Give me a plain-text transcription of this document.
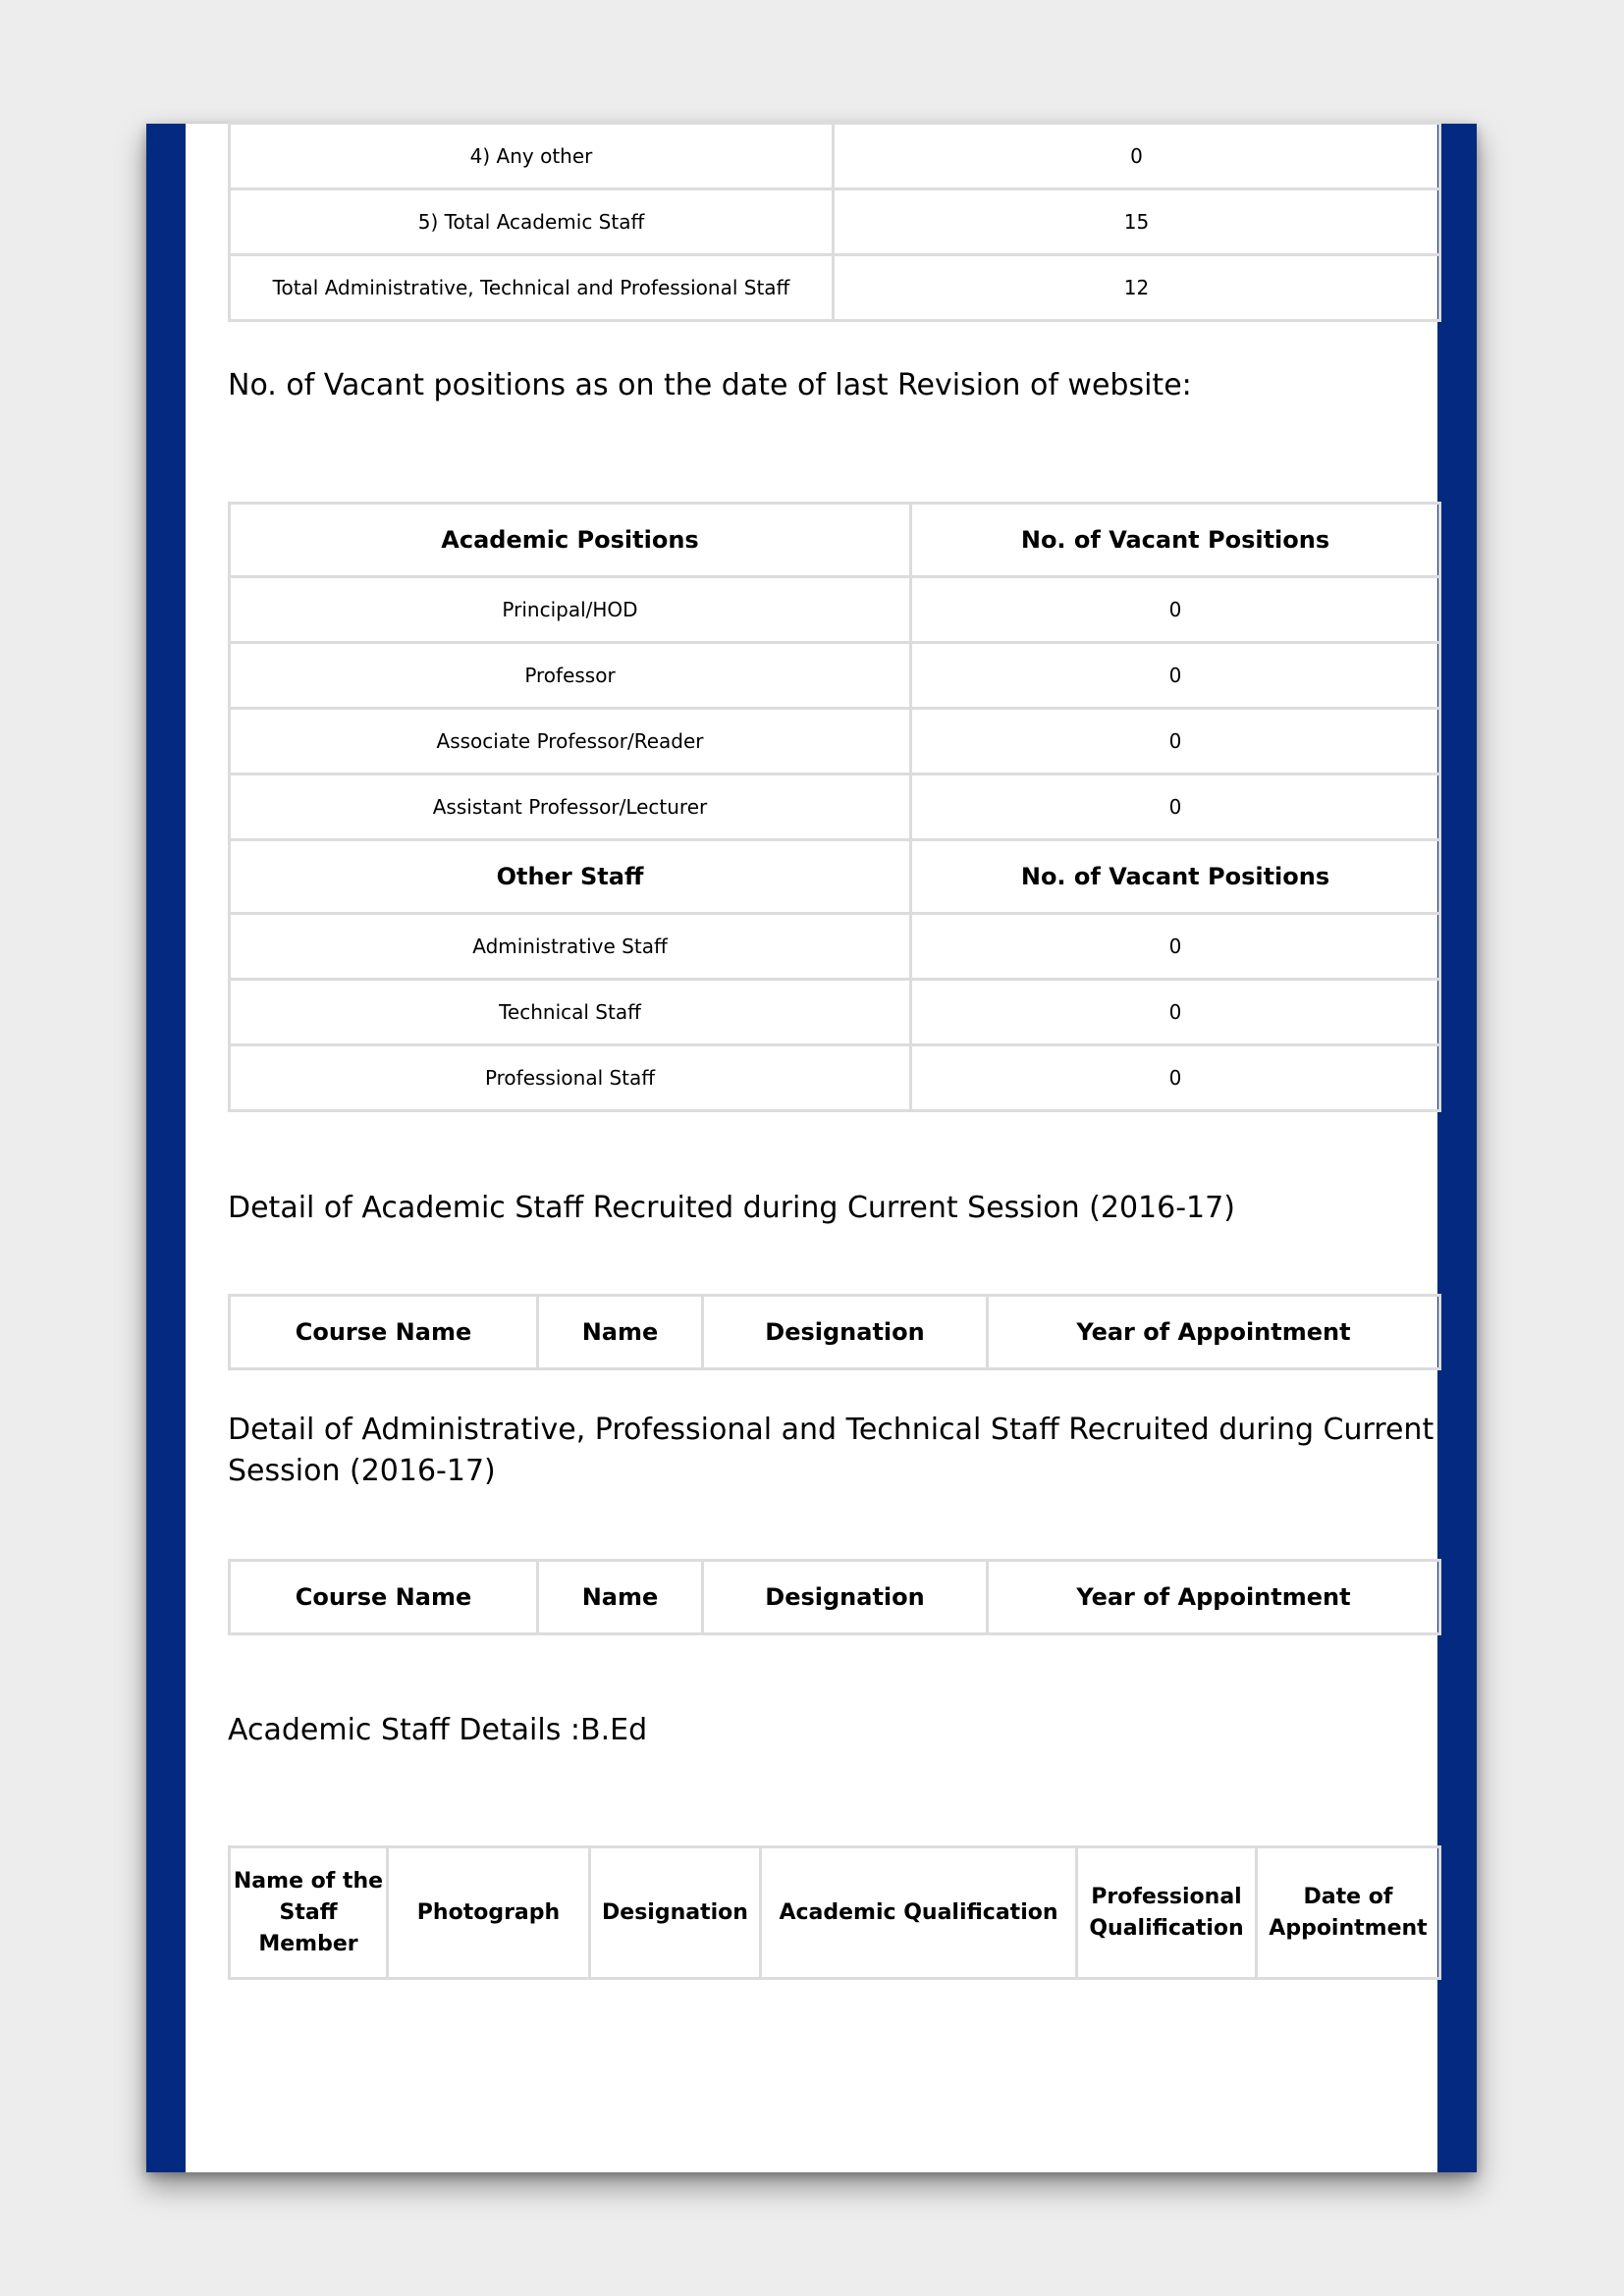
4) Any other	0
5) Total Academic Staff	15
Total Administrative, Technical and Professional Staff	12
No. of Vacant positions as on the date of last Revision of website:
Academic Positions	No. of Vacant Positions
Principal/HOD	0
Professor	0
Associate Professor/Reader	0
Assistant Professor/Lecturer	0
Other Staff	No. of Vacant Positions
Administrative Staff	0
Technical Staff	0
Professional Staff	0
Detail of Academic Staff Recruited during Current Session (2016-17)
Course Name	Name	Designation	Year of Appointment
Detail of Administrative, Professional and Technical Staff Recruited during Current Session (2016-17)
Course Name	Name	Designation	Year of Appointment
Academic Staff Details :B.Ed
Name of the Staff Member	Photograph	Designation	Academic Qualification	Professional Qualification	Date of Appointment
